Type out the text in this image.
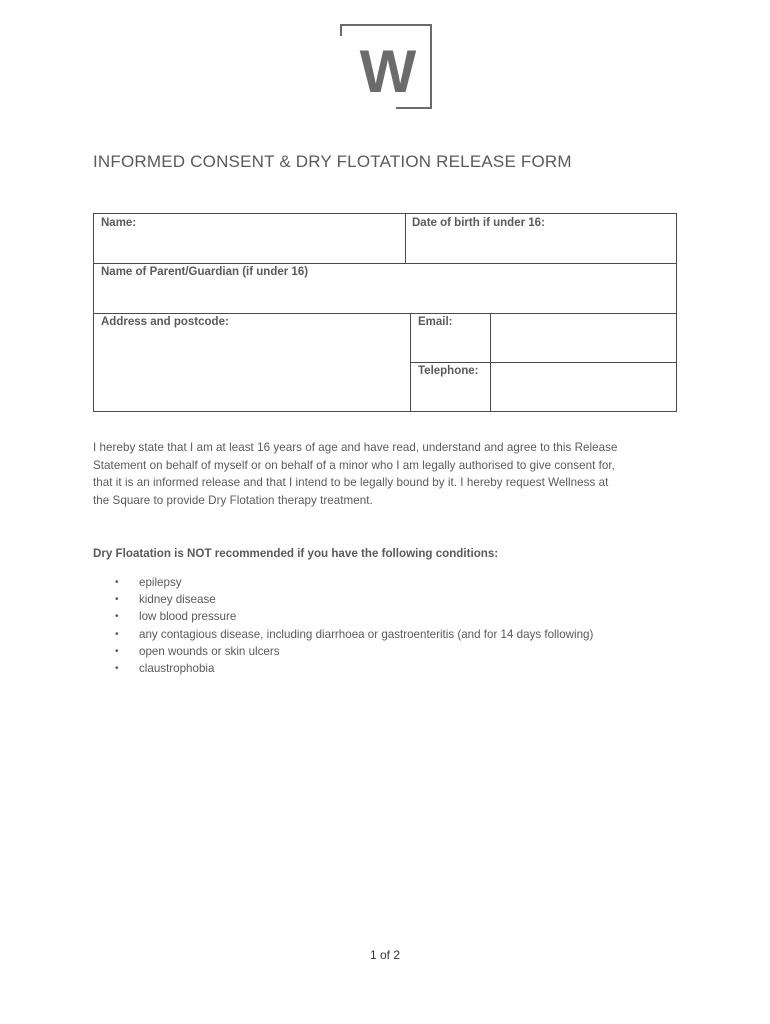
W
INFORMED CONSENT & DRY FLOTATION RELEASE FORM
Name:	Date of birth if under 16:
Name of Parent/Guardian (if under 16)
Address and postcode:	Email:
Telephone:

I hereby state that I am at least 16 years of age and have read, understand and agree to this Release
Statement on behalf of myself or on behalf of a minor who I am legally authorised to give consent for,
that it is an informed release and that I intend to be legally bound by it. I hereby request Wellness at
the Square to provide Dry Flotation therapy treatment.

Dry Floatation is NOT recommended if you have the following conditions:

• epilepsy
• kidney disease
• low blood pressure
• any contagious disease, including diarrhoea or gastroenteritis (and for 14 days following)
• open wounds or skin ulcers
• claustrophobia
1 of 2
